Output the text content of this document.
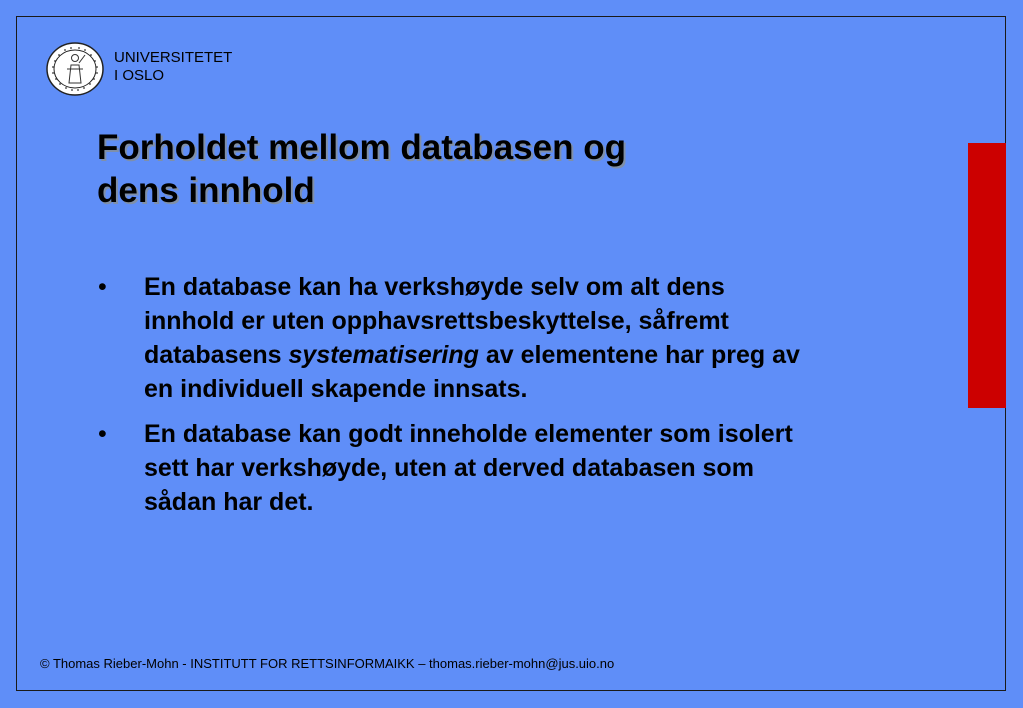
UNIVERSITETET
I OSLO
Forholdet mellom databasen og
dens innhold
• En database kan ha verkshøyde selv om alt dens innhold er uten opphavsrettsbeskyttelse, såfremt databasens systematisering av elementene har preg av en individuell skapende innsats.
• En database kan godt inneholde elementer som isolert sett har verkshøyde, uten at derved databasen som sådan har det.
© Thomas Rieber-Mohn - INSTITUTT FOR RETTSINFORMAIKK – thomas.rieber-mohn@jus.uio.no
